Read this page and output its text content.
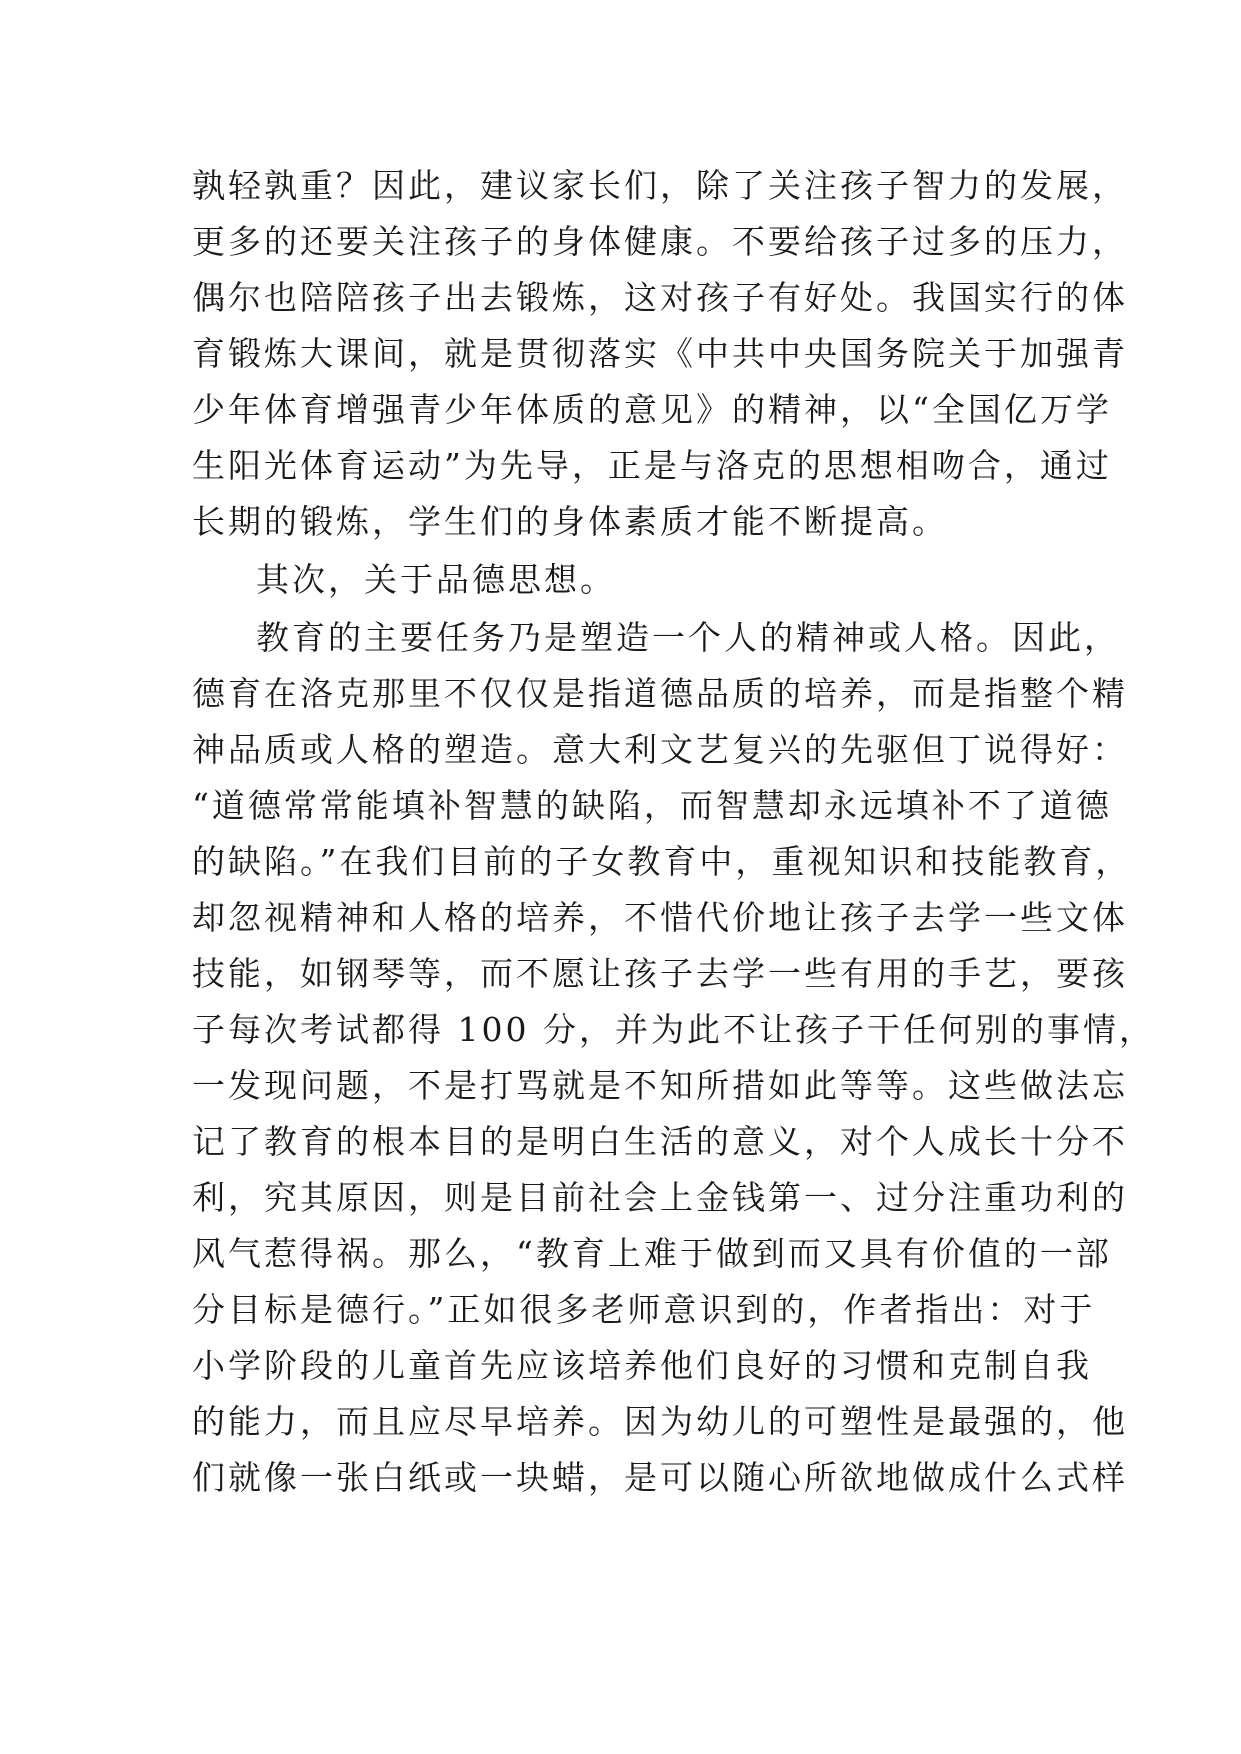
孰轻孰重？因此，建议家长们，除了关注孩子智力的发展，
更多的还要关注孩子的身体健康。不要给孩子过多的压力，
偶尔也陪陪孩子出去锻炼，这对孩子有好处。我国实行的体
育锻炼大课间，就是贯彻落实《中共中央国务院关于加强青
少年体育增强青少年体质的意见》的精神，以“全国亿万学
生阳光体育运动”为先导，正是与洛克的思想相吻合，通过
长期的锻炼，学生们的身体素质才能不断提高。
其次，关于品德思想。
教育的主要任务乃是塑造一个人的精神或人格。因此，
德育在洛克那里不仅仅是指道德品质的培养，而是指整个精
神品质或人格的塑造。意大利文艺复兴的先驱但丁说得好：
“道德常常能填补智慧的缺陷，而智慧却永远填补不了道德
的缺陷。”在我们目前的子女教育中，重视知识和技能教育，
却忽视精神和人格的培养，不惜代价地让孩子去学一些文体
技能，如钢琴等，而不愿让孩子去学一些有用的手艺，要孩
子每次考试都得 100 分，并为此不让孩子干任何别的事情，
一发现问题，不是打骂就是不知所措如此等等。这些做法忘
记了教育的根本目的是明白生活的意义，对个人成长十分不
利，究其原因，则是目前社会上金钱第一、过分注重功利的
风气惹得祸。那么，“教育上难于做到而又具有价值的一部
分目标是德行。”正如很多老师意识到的，作者指出：对于
小学阶段的儿童首先应该培养他们良好的习惯和克制自我
的能力，而且应尽早培养。因为幼儿的可塑性是最强的，他
们就像一张白纸或一块蜡，是可以随心所欲地做成什么式样
